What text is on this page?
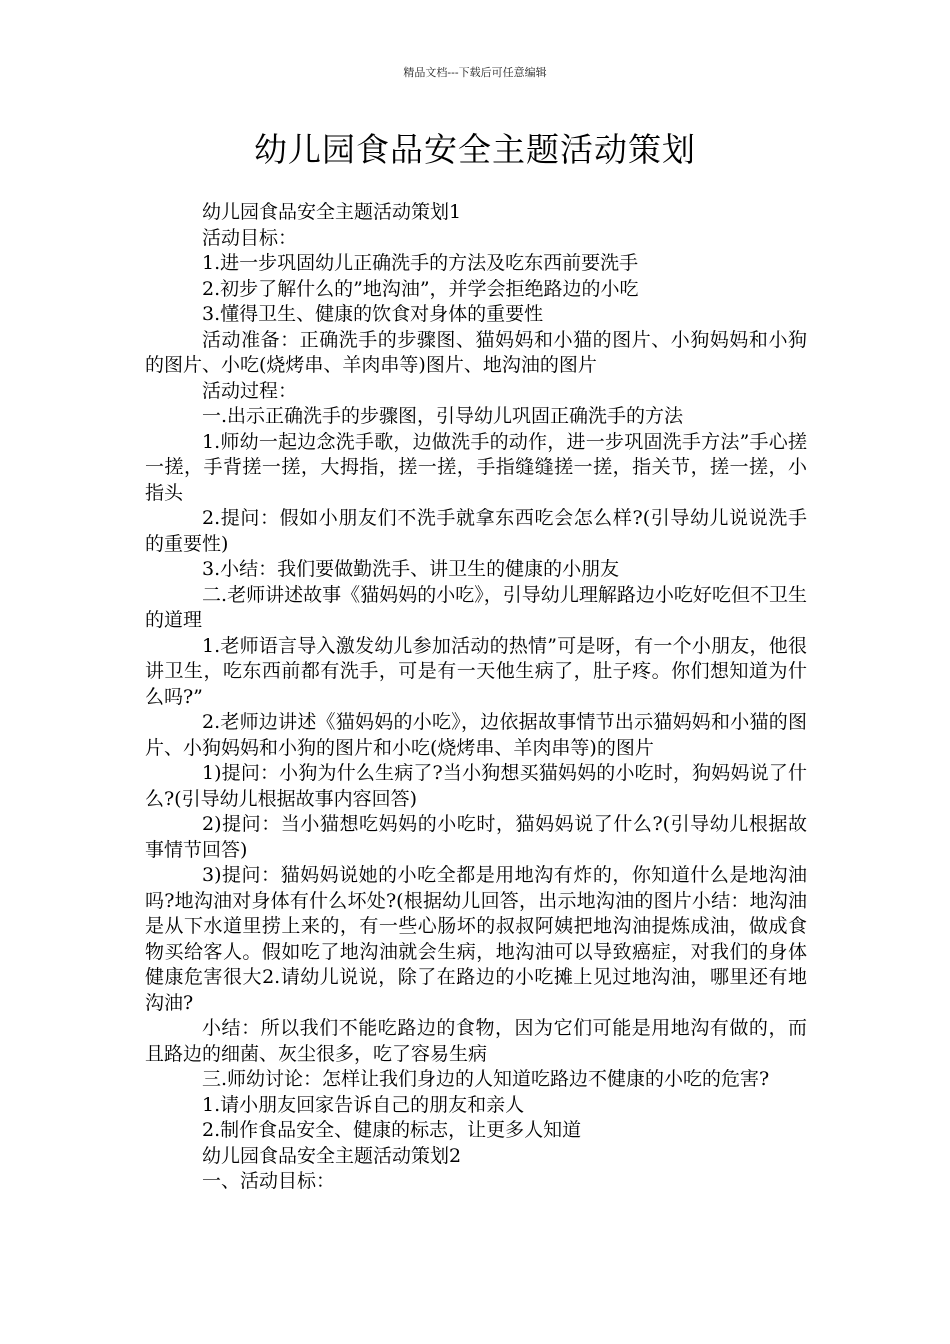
精品文档---下载后可任意编辑
幼儿园食品安全主题活动策划

幼儿园食品安全主题活动策划1

活动目标：

1.进一步巩固幼儿正确洗手的方法及吃东西前要洗手

2.初步了解什么的”地沟油”，并学会拒绝路边的小吃

3.懂得卫生、健康的饮食对身体的重要性

活动准备：正确洗手的步骤图、猫妈妈和小猫的图片、小狗妈妈和小狗的图片、小吃(烧烤串、羊肉串等)图片、地沟油的图片

活动过程：

一.出示正确洗手的步骤图，引导幼儿巩固正确洗手的方法

1.师幼一起边念洗手歌，边做洗手的动作，进一步巩固洗手方法”手心搓一搓，手背搓一搓，大拇指，搓一搓，手指缝缝搓一搓，指关节，搓一搓，小指头

2.提问：假如小朋友们不洗手就拿东西吃会怎么样?(引导幼儿说说洗手的重要性)

3.小结：我们要做勤洗手、讲卫生的健康的小朋友

二.老师讲述故事《猫妈妈的小吃》，引导幼儿理解路边小吃好吃但不卫生的道理

1.老师语言导入激发幼儿参加活动的热情”可是呀，有一个小朋友，他很讲卫生，吃东西前都有洗手，可是有一天他生病了，肚子疼。你们想知道为什么吗?”

2.老师边讲述《猫妈妈的小吃》，边依据故事情节出示猫妈妈和小猫的图片、小狗妈妈和小狗的图片和小吃(烧烤串、羊肉串等)的图片

1)提问：小狗为什么生病了?当小狗想买猫妈妈的小吃时，狗妈妈说了什么?(引导幼儿根据故事内容回答)

2)提问：当小猫想吃妈妈的小吃时，猫妈妈说了什么?(引导幼儿根据故事情节回答)

3)提问：猫妈妈说她的小吃全都是用地沟有炸的，你知道什么是地沟油吗?地沟油对身体有什么坏处?(根据幼儿回答，出示地沟油的图片小结：地沟油是从下水道里捞上来的，有一些心肠坏的叔叔阿姨把地沟油提炼成油，做成食物买给客人。假如吃了地沟油就会生病，地沟油可以导致癌症，对我们的身体健康危害很大2.请幼儿说说，除了在路边的小吃摊上见过地沟油，哪里还有地沟油?

小结：所以我们不能吃路边的食物，因为它们可能是用地沟有做的，而且路边的细菌、灰尘很多，吃了容易生病

三.师幼讨论：怎样让我们身边的人知道吃路边不健康的小吃的危害?

1.请小朋友回家告诉自己的朋友和亲人

2.制作食品安全、健康的标志，让更多人知道

幼儿园食品安全主题活动策划2

一、活动目标：
